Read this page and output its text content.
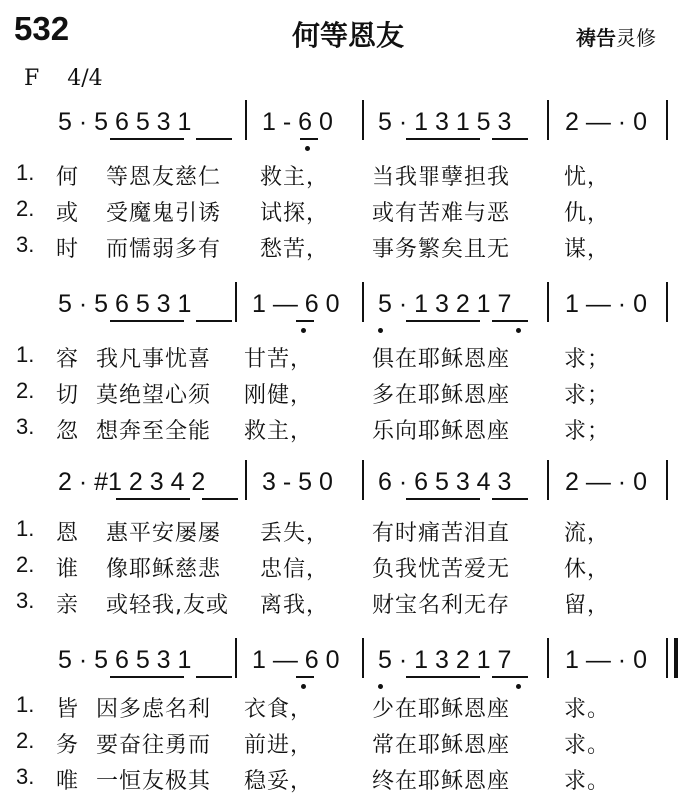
532	何等恩友	祷告灵修
F 4/4
5 · 5 6 5 3 1	1 - 6 0 5 · 1 3 1 5 3 2 — · 0
1. 何 等恩友慈仁 救主， 当我罪孽担我 忧，
2. 或 受魔鬼引诱 试探， 或有苦难与恶 仇，
3. 时 而懦弱多有 愁苦， 事务繁矣且无 谋，
5 · 5 6 5 3 1 1 — 6 0 5 · 1 3 2 1 7 1 — · 0
1. 容 我凡事忧喜 甘苦，	俱在耶稣恩座 求；
2. 切 莫绝望心须 刚健，	多在耶稣恩座 求；
3. 忽 想奔至全能 救主，	乐向耶稣恩座 求；
2 · #1 2 3 4 2 3 - 5 0 6 · 6 5 3 4 3 2 — · 0
1. 恩 惠平安屡屡 丢失， 有时痛苦泪直 流，
2. 谁 像耶稣慈悲 忠信， 负我忧苦爱无 休，
3. 亲 或轻我,友或 离我， 财宝名利无存 留，
5 · 5 6 5 3 1 1 — 6 0 5 · 1 3 2 1 7 1 — · 0
1. 皆 因多虑名利 衣食，	少在耶稣恩座 求。
2. 务 要奋往勇而 前进，	常在耶稣恩座 求。
3. 唯 一恒友极其 稳妥，	终在耶稣恩座 求。
